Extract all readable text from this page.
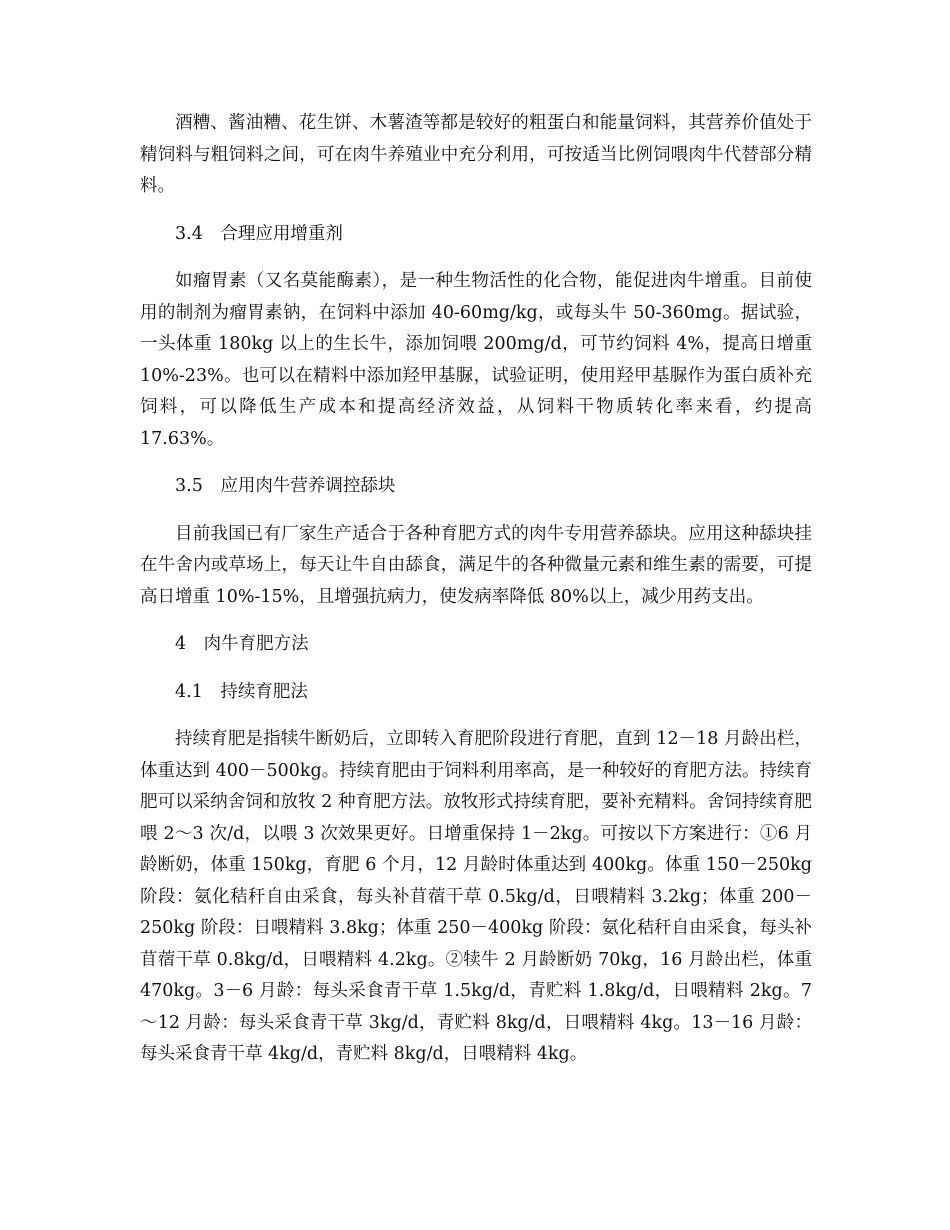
酒糟、酱油糟、花生饼、木薯渣等都是较好的粗蛋白和能量饲料，其营养价值处于精饲料与粗饲料之间，可在肉牛养殖业中充分利用，可按适当比例饲喂肉牛代替部分精料。

3.4　合理应用增重剂

如瘤胃素（又名莫能酶素），是一种生物活性的化合物，能促进肉牛增重。目前使用的制剂为瘤胃素钠，在饲料中添加 40-60mg/kg，或每头牛 50-360mg。据试验，一头体重 180kg 以上的生长牛，添加饲喂 200mg/d，可节约饲料 4%，提高日增重 10%-23%。也可以在精料中添加羟甲基脲，试验证明，使用羟甲基脲作为蛋白质补充饲料，可以降低生产成本和提高经济效益，从饲料干物质转化率来看，约提高 17.63%。

3.5　应用肉牛营养调控舔块

目前我国已有厂家生产适合于各种育肥方式的肉牛专用营养舔块。应用这种舔块挂在牛舍内或草场上，每天让牛自由舔食，满足牛的各种微量元素和维生素的需要，可提高日增重 10%-15%，且增强抗病力，使发病率降低 80%以上，减少用药支出。

4　肉牛育肥方法

4.1　持续育肥法

持续育肥是指犊牛断奶后，立即转入育肥阶段进行育肥，直到 12－18 月龄出栏，体重达到 400－500kg。持续育肥由于饲料利用率高，是一种较好的育肥方法。持续育肥可以采纳舍饲和放牧 2 种育肥方法。放牧形式持续育肥，要补充精料。舍饲持续育肥喂 2～3 次/d，以喂 3 次效果更好。日增重保持 1－2kg。可按以下方案进行：①6 月龄断奶，体重 150kg，育肥 6 个月，12 月龄时体重达到 400kg。体重 150－250kg 阶段：氨化秸秆自由采食，每头补苜蓿干草 0.5kg/d，日喂精料 3.2kg；体重 200－250kg 阶段：日喂精料 3.8kg；体重 250－400kg 阶段：氨化秸秆自由采食，每头补苜蓿干草 0.8kg/d，日喂精料 4.2kg。②犊牛 2 月龄断奶 70kg，16 月龄出栏，体重 470kg。3－6 月龄：每头采食青干草 1.5kg/d，青贮料 1.8kg/d，日喂精料 2kg。7～12 月龄：每头采食青干草 3kg/d，青贮料 8kg/d，日喂精料 4kg。13－16 月龄：每头采食青干草 4kg/d，青贮料 8kg/d，日喂精料 4kg。
